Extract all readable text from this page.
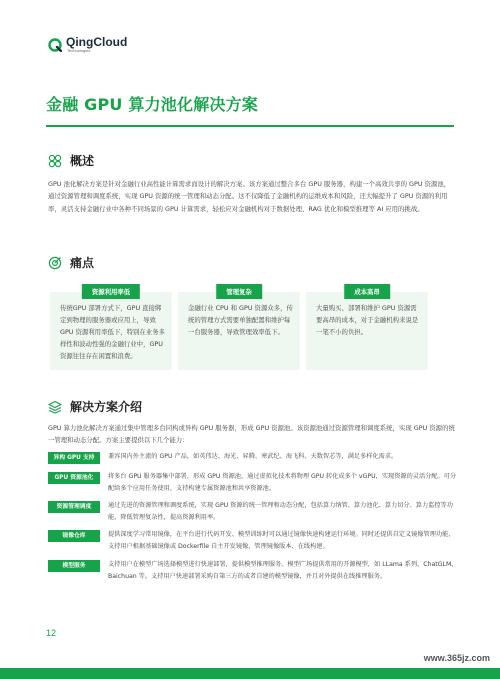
QingCloud
Technologies
金融 GPU 算力池化解决方案
概述
GPU 池化解决方案是针对金融行业高性能计算需求而设计的解决方案。该方案通过整合多台 GPU 服务器，构建一个高效共享的 GPU 资源池，通过资源管理和调度系统，实现 GPU 资源的统一管理和动态分配。这不仅降低了金融机构的运维成本和风险，还大幅提升了 GPU 资源的利用率，灵活支持金融行业中各种不同场景的 GPU 计算需求，轻松应对金融机构对于数据处理、RAG 优化和模型推理等 AI 应用的挑战。
痛点
资源利用率低
传统GPU 部署方式下，GPU 直接绑定到物理的服务器或应用上，导致 GPU 资源利用率低下，特别在业务多样性和波动性强的金融行业中，GPU 资源往往存在闲置和浪费。
管理复杂
金融行业 CPU 和 GPU 资源众多，传统的管理方式需要单独配置和维护每一台服务器，导致管理效率低下。
成本高昂
大量购买、部署和维护 GPU 资源需要高昂的成本，对于金融机构来说是一笔不小的负担。
解决方案介绍
GPU 算力池化解决方案通过集中管理多台同构或异构 GPU 服务器，形成 GPU 资源池。该资源池通过资源管理和调度系统，实现 GPU 资源的统一管理和动态分配。方案主要提供以下几个能力：
异构 GPU 支持	兼容国内外主流的 GPU 产品，如英伟达、海光、昇腾、寒武纪、海飞科、天数智芯等，满足多样化需求。
GPU 资源池化	将多台 GPU 服务器集中部署，形成 GPU 资源池，通过虚拟化技术将物理 GPU 转化成多个 vGPU，实现资源的灵活分配。可分配给多个应用任务使用，支持构建专属资源池和共享资源池。
资源管理调度	通过先进的资源管理和调度系统，实现 GPU 资源的统一管理和动态分配，包括算力纳管、算力池化、算力切分、算力监控等功能，降低管理复杂性，提高资源利用率。
镜像仓库	提供深度学习常用镜像，在平台进行代码开发、模型训练时可以通过镜像快速构建运行环境。同时还提供自定义镜像管理功能，支持用户根据基础镜像或 Dockerfile 自主开发镜像、管理镜像版本、在线构建。
模型服务	支持用户在模型广场选择模型进行快速部署，提供模型推理服务。模型广场提供常用的开源模型，如 LLama 系列、ChatGLM、Baichuan 等。支持用户快速部署采购自第三方的或者自建的模型镜像，并且对外提供在线推理服务。
12
www.365jz.com
